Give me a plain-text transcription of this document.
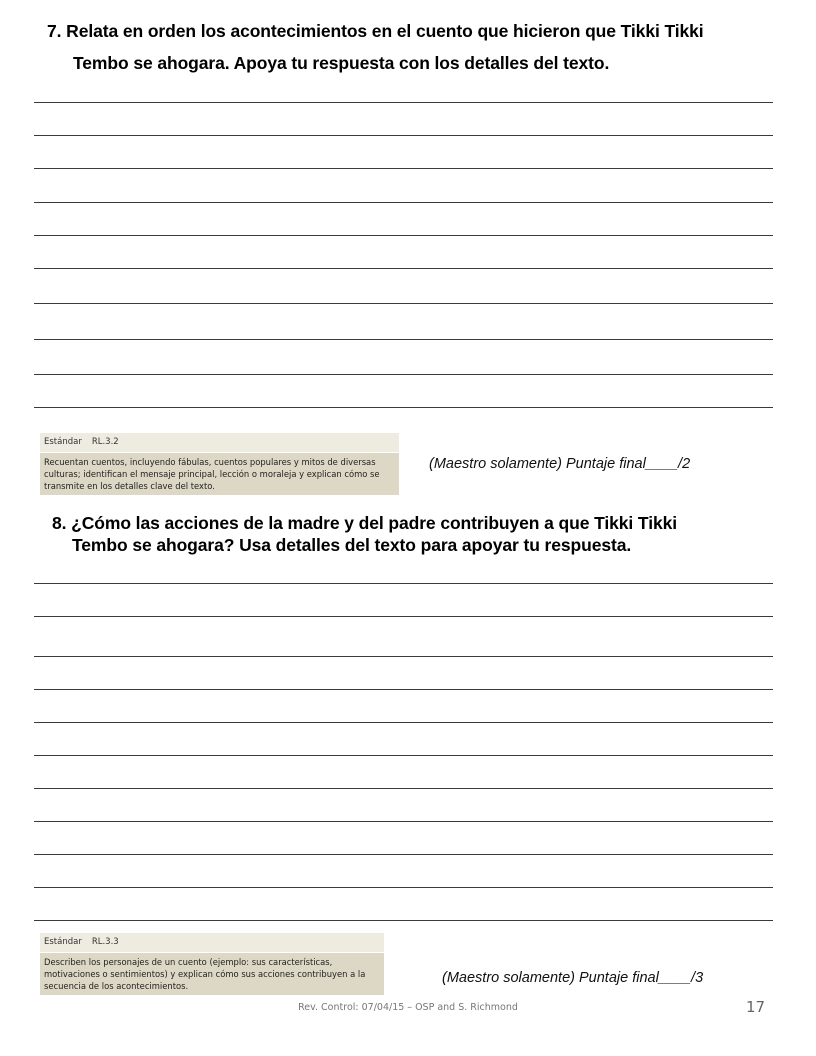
7. Relata en orden los acontecimientos en el cuento que hicieron que Tikki Tikki
Tembo se ahogara. Apoya tu respuesta con los detalles del texto.
Estándar RL.3.2
Recuentan cuentos, incluyendo fábulas, cuentos populares y mitos de diversas culturas; identifican el mensaje principal, lección o moraleja y explican cómo se transmite en los detalles clave del texto.
(Maestro solamente) Puntaje final____/2
8. ¿Cómo las acciones de la madre y del padre contribuyen a que Tikki Tikki
Tembo se ahogara? Usa detalles del texto para apoyar tu respuesta.
Estándar RL.3.3
Describen los personajes de un cuento (ejemplo: sus características, motivaciones o sentimientos) y explican cómo sus acciones contribuyen a la secuencia de los acontecimientos.	(Maestro solamente) Puntaje final____/3
Rev. Control: 07/04/15 – OSP and S. Richmond	17
